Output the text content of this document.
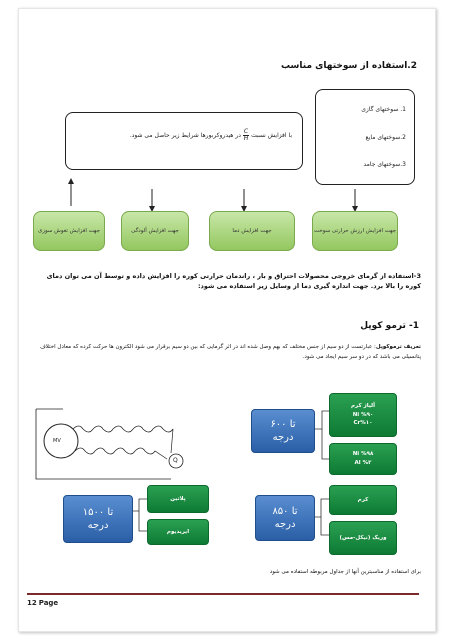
2.استفاده از سوختهای مناسب
1. سوختهای گازی
2.سوختهای مایع
3.سوختهای جامد
با افزایش نسبت
$\frac{C}{H}$
در هیدروکربورها شرایط زیر حاصل می شود.
جهت افزایش ارزش حرارتی سوخت
جهت افزایش دما
جهت افزایش آلودگی
جهت افزایش تغوش سوزی
3-استفاده از گرمای خروجی محصولات احتراق و بار ، راندمان حرارتی کوره را افزایش داده و توسط آن می توان دمای کوره را بالا برد. جهت اندازه گیری دما از وسایل زیر استفاده می شود:
1- ترمو کوپل
تعریف ترموکوپل: عبارتست از دو سیم از جنس مختلف که بهم وصل شده اند در اثر گرمایی که بین دو سیم برقرار می شود الکترون ها حرکت کرده که معادل اختلاف پتانسیلی می باشد که در دو سر سیم ایجاد می شود.
MV
Q
تا ۶۰۰
درجه
آلیاژ کرم
Ni %۹۰
Cr%۱۰
Ni %۹۸
Al %۲
تا ۱۵۰۰
درجه
پلاتین
ایریدیوم
تا ۸۵۰
درجه
کرم
وریک (نیکل-مس)
برای استفاده از مناسبترین آنها از جداول مربوطه استفاده می شود
12 Page
